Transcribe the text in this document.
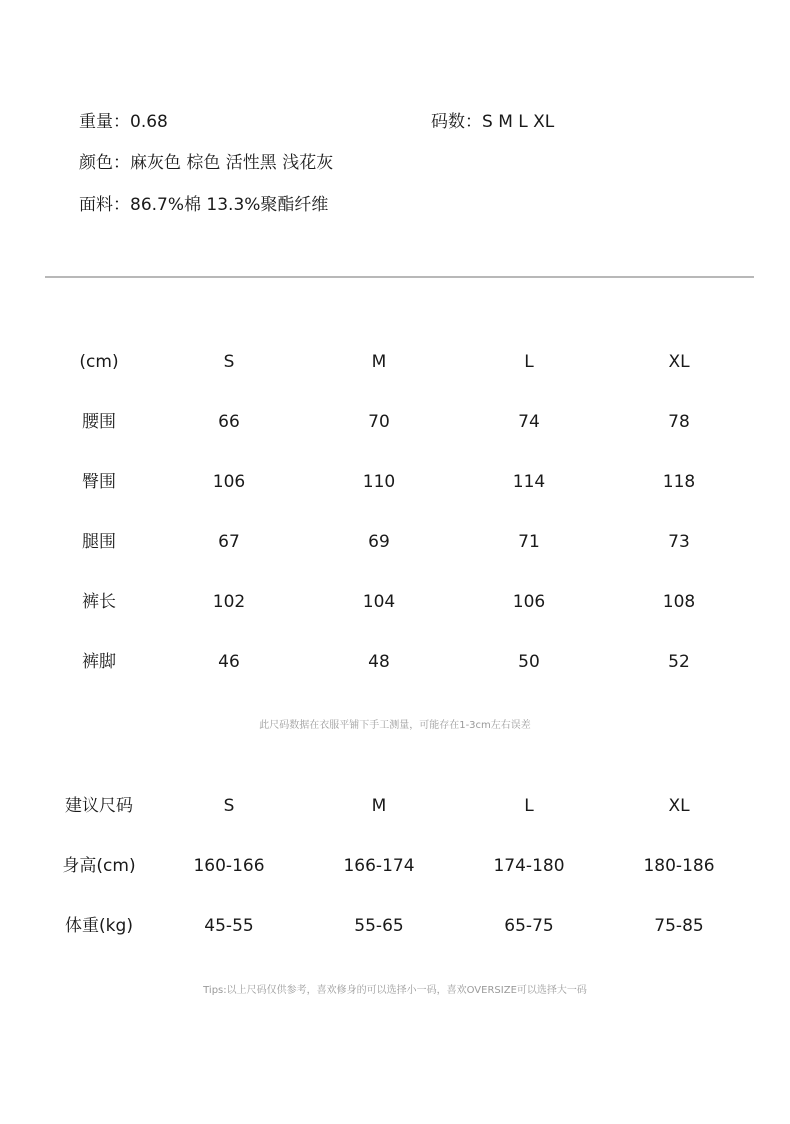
重量：0.68	码数：S M L XL
颜色：麻灰色 棕色 活性黑 浅花灰
面料：86.7%棉 13.3%聚酯纤维
(cm)	S	M	L	XL
腰围	66	70	74	78
臀围	106	110	114	118
腿围	67	69	71	73
裤长	102	104	106	108
裤脚	46	48	50	52
此尺码数据在衣服平铺下手工测量，可能存在1-3cm左右误差
建议尺码	S	M	L	XL
身高(cm)	160-166	166-174	174-180	180-186
体重(kg)	45-55	55-65	65-75	75-85
Tips:以上尺码仅供参考，喜欢修身的可以选择小一码，喜欢OVERSIZE可以选择大一码
